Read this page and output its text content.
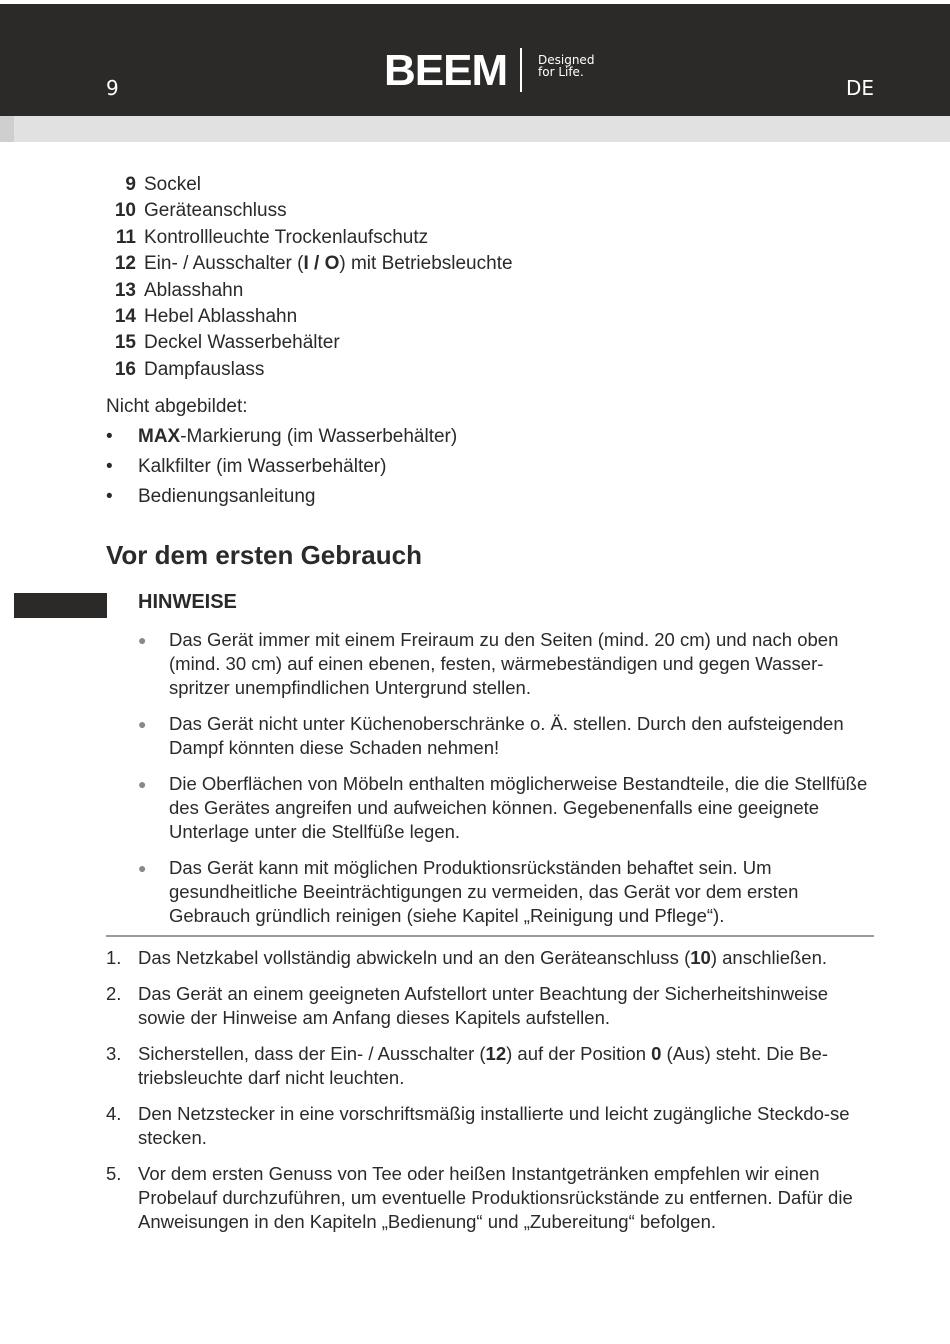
9	BEEM	Designed
for Life.
DE
9 Sockel
10 Geräteanschluss
11 Kontrollleuchte Trockenlaufschutz
12 Ein- / Ausschalter (I / O) mit Betriebsleuchte
13 Ablasshahn
14 Hebel Ablasshahn
15 Deckel Wasserbehälter
16 Dampfauslass
Nicht abgebildet:
•	MAX-Markierung (im Wasserbehälter)
•	Kalkfilter (im Wasserbehälter)
•	Bedienungsanleitung
Vor dem ersten Gebrauch
HINWEISE
●	Das Gerät immer mit einem Freiraum zu den Seiten (mind. 20 cm) und nach oben (mind. 30 cm) auf einen ebenen, festen, wärmebeständigen und gegen Wasser-spritzer unempfindlichen Untergrund stellen.
●	Das Gerät nicht unter Küchenoberschränke o. Ä. stellen. Durch den aufsteigenden Dampf könnten diese Schaden nehmen!
●	Die Oberflächen von Möbeln enthalten möglicherweise Bestandteile, die die Stellfüße des Gerätes angreifen und aufweichen können. Gegebenenfalls eine geeignete Unterlage unter die Stellfüße legen.
●	Das Gerät kann mit möglichen Produktionsrückständen behaftet sein. Um gesundheitliche Beeinträchtigungen zu vermeiden, das Gerät vor dem ersten Gebrauch gründlich reinigen (siehe Kapitel „Reinigung und Pflege“).
1. Das Netzkabel vollständig abwickeln und an den Geräteanschluss (10) anschließen.
2. Das Gerät an einem geeigneten Aufstellort unter Beachtung der Sicherheitshinweise sowie der Hinweise am Anfang dieses Kapitels aufstellen.
3. Sicherstellen, dass der Ein- / Ausschalter (12) auf der Position 0 (Aus) steht. Die Be-triebsleuchte darf nicht leuchten.
4. Den Netzstecker in eine vorschriftsmäßig installierte und leicht zugängliche Steckdo-se stecken.
5. Vor dem ersten Genuss von Tee oder heißen Instantgetränken empfehlen wir einen Probelauf durchzuführen, um eventuelle Produktionsrückstände zu entfernen. Dafür die Anweisungen in den Kapiteln „Bedienung“ und „Zubereitung“ befolgen.
